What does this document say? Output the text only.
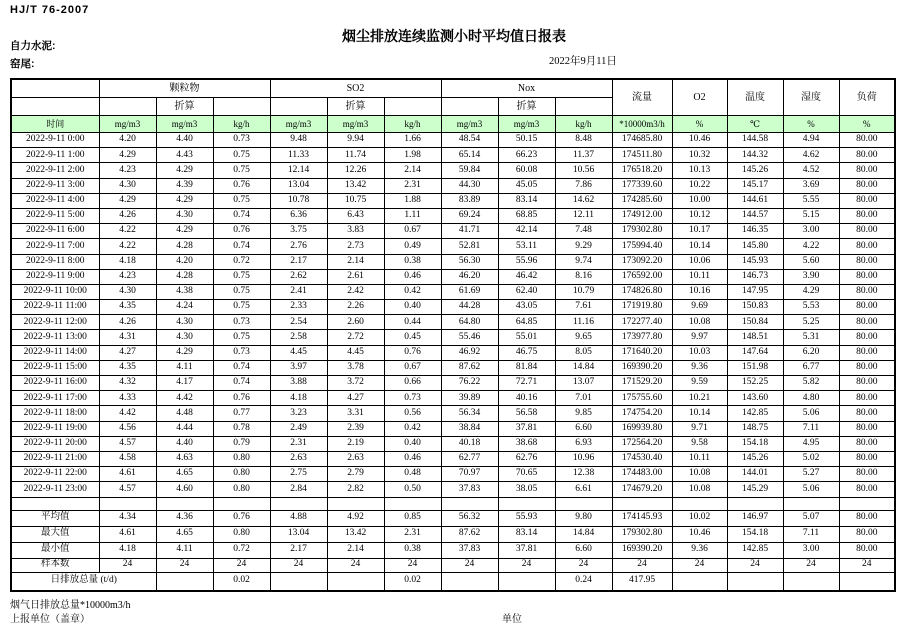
HJ/T 76-2007
烟尘排放连续监测小时平均值日报表
自力水泥:
窑尾:	2022年9月11日
	颗粒物			SO2			Nox			流量	O2	温度	湿度	负荷
		折算			折算			折算						
时间	mg/m3	mg/m3	kg/h	mg/m3	mg/m3	kg/h	mg/m3	mg/m3	kg/h	*10000m3/h	%	℃	%	%
2022-9-11 0:00	4.20	4.40	0.73	9.48	9.94	1.66	48.54	50.15	8.48	174685.80	10.46	144.58	4.94	80.00
2022-9-11 1:00	4.29	4.43	0.75	11.33	11.74	1.98	65.14	66.23	11.37	174511.80	10.32	144.32	4.62	80.00
2022-9-11 2:00	4.23	4.29	0.75	12.14	12.26	2.14	59.84	60.08	10.56	176518.20	10.13	145.26	4.52	80.00
2022-9-11 3:00	4.30	4.39	0.76	13.04	13.42	2.31	44.30	45.05	7.86	177339.60	10.22	145.17	3.69	80.00
2022-9-11 4:00	4.29	4.29	0.75	10.78	10.75	1.88	83.89	83.14	14.62	174285.60	10.00	144.61	5.55	80.00
2022-9-11 5:00	4.26	4.30	0.74	6.36	6.43	1.11	69.24	68.85	12.11	174912.00	10.12	144.57	5.15	80.00
2022-9-11 6:00	4.22	4.29	0.76	3.75	3.83	0.67	41.71	42.14	7.48	179302.80	10.17	146.35	3.00	80.00
2022-9-11 7:00	4.22	4.28	0.74	2.76	2.73	0.49	52.81	53.11	9.29	175994.40	10.14	145.80	4.22	80.00
2022-9-11 8:00	4.18	4.20	0.72	2.17	2.14	0.38	56.30	55.96	9.74	173092.20	10.06	145.93	5.60	80.00
2022-9-11 9:00	4.23	4.28	0.75	2.62	2.61	0.46	46.20	46.42	8.16	176592.00	10.11	146.73	3.90	80.00
2022-9-11 10:00	4.30	4.38	0.75	2.41	2.42	0.42	61.69	62.40	10.79	174826.80	10.16	147.95	4.29	80.00
2022-9-11 11:00	4.35	4.24	0.75	2.33	2.26	0.40	44.28	43.05	7.61	171919.80	9.69	150.83	5.53	80.00
2022-9-11 12:00	4.26	4.30	0.73	2.54	2.60	0.44	64.80	64.85	11.16	172277.40	10.08	150.84	5.25	80.00
2022-9-11 13:00	4.31	4.30	0.75	2.58	2.72	0.45	55.46	55.01	9.65	173977.80	9.97	148.51	5.31	80.00
2022-9-11 14:00	4.27	4.29	0.73	4.45	4.45	0.76	46.92	46.75	8.05	171640.20	10.03	147.64	6.20	80.00
2022-9-11 15:00	4.35	4.11	0.74	3.97	3.78	0.67	87.62	81.84	14.84	169390.20	9.36	151.98	6.77	80.00
2022-9-11 16:00	4.32	4.17	0.74	3.88	3.72	0.66	76.22	72.71	13.07	171529.20	9.59	152.25	5.82	80.00
2022-9-11 17:00	4.33	4.42	0.76	4.18	4.27	0.73	39.89	40.16	7.01	175755.60	10.21	143.60	4.80	80.00
2022-9-11 18:00	4.42	4.48	0.77	3.23	3.31	0.56	56.34	56.58	9.85	174754.20	10.14	142.85	5.06	80.00
2022-9-11 19:00	4.56	4.44	0.78	2.49	2.39	0.42	38.84	37.81	6.60	169939.80	9.71	148.75	7.11	80.00
2022-9-11 20:00	4.57	4.40	0.79	2.31	2.19	0.40	40.18	38.68	6.93	172564.20	9.58	154.18	4.95	80.00
2022-9-11 21:00	4.58	4.63	0.80	2.63	2.63	0.46	62.77	62.76	10.96	174530.40	10.11	145.26	5.02	80.00
2022-9-11 22:00	4.61	4.65	0.80	2.75	2.79	0.48	70.97	70.65	12.38	174483.00	10.08	144.01	5.27	80.00
2022-9-11 23:00	4.57	4.60	0.80	2.84	2.82	0.50	37.83	38.05	6.61	174679.20	10.08	145.29	5.06	80.00

平均值	4.34	4.36	0.76	4.88	4.92	0.85	56.32	55.93	9.80	174145.93	10.02	146.97	5.07	80.00
最大值	4.61	4.65	0.80	13.04	13.42	2.31	87.62	83.14	14.84	179302.80	10.46	154.18	7.11	80.00
最小值	4.18	4.11	0.72	2.17	2.14	0.38	37.83	37.81	6.60	169390.20	9.36	142.85	3.00	80.00
样本数	24	24	24	24	24	24	24	24	24	24	24	24	24	24
日排放总量 (t/d)			0.02			0.02			0.24	417.95				
烟气日排放总量*10000m3/h
上报单位（盖章）	单位
